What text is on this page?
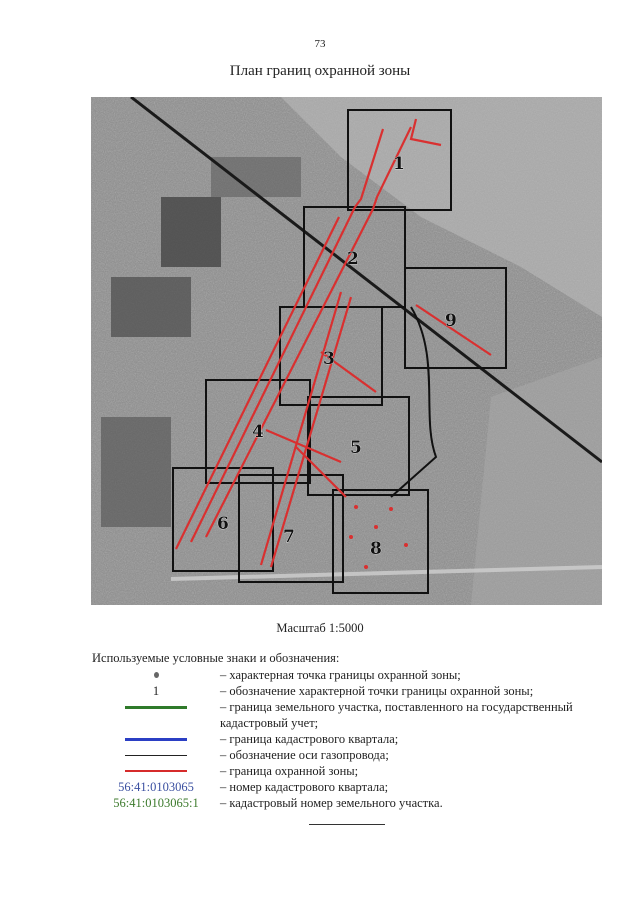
73
План границ охранной зоны
1
2
9
3
4
5
6
7
8
Масштаб 1:5000
Используемые условные знаки и обозначения:
– характерная точка границы охранной зоны;
1	– обозначение характерной точки границы охранной зоны;
– граница земельного участка, поставленного на государственный кадастровый учет;
– граница кадастрового квартала;
– обозначение оси газопровода;
– граница охранной зоны;
56:41:0103065	– номер кадастрового квартала;
56:41:0103065:1	– кадастровый номер земельного участка.
